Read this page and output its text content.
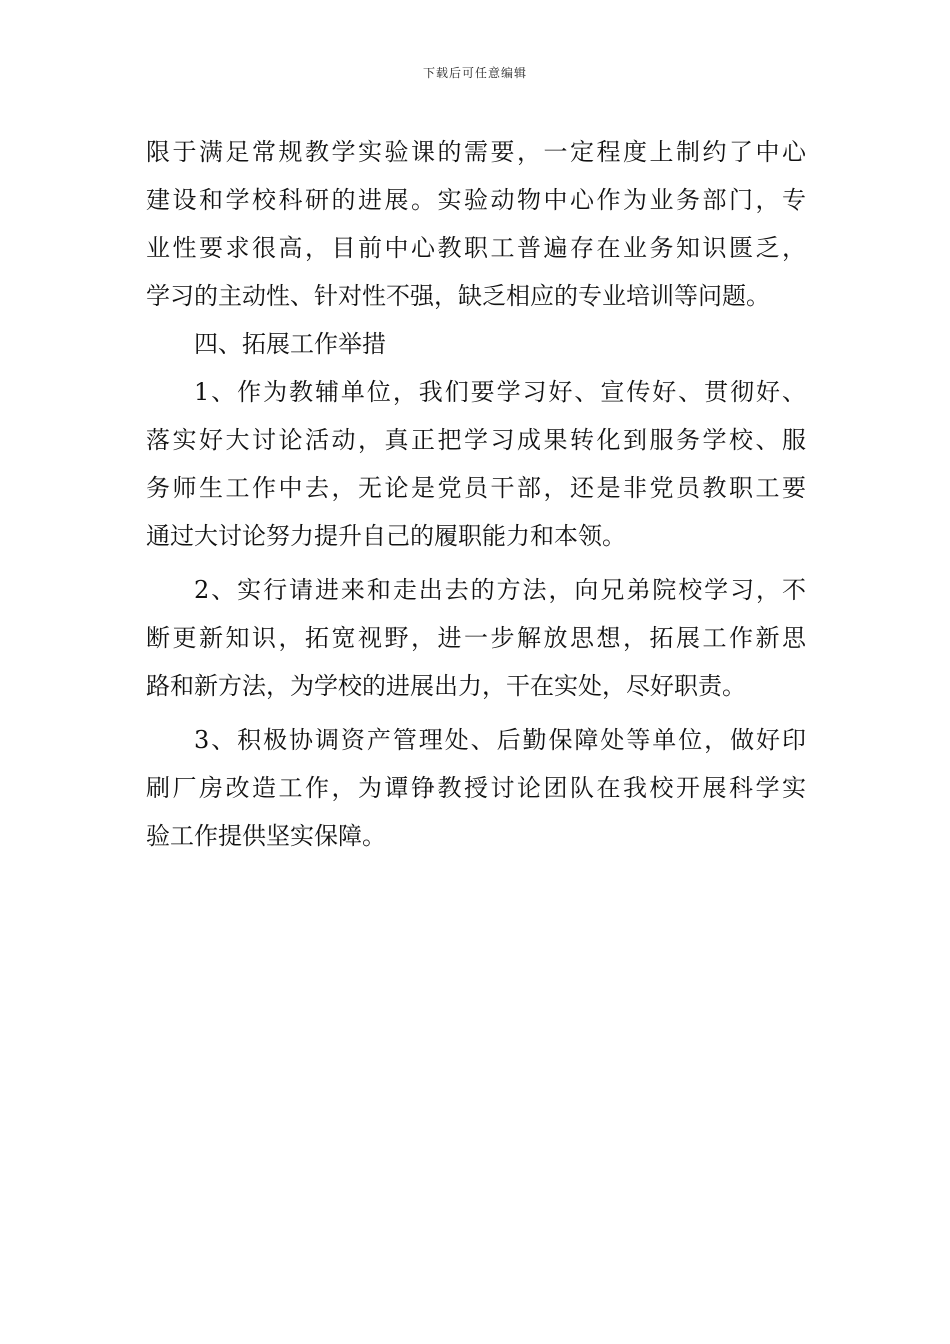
下载后可任意编辑
限于满足常规教学实验课的需要，一定程度上制约了中心
建设和学校科研的进展。实验动物中心作为业务部门，专
业性要求很高，目前中心教职工普遍存在业务知识匮乏，
学习的主动性、针对性不强，缺乏相应的专业培训等问题。
四、拓展工作举措
1、作为教辅单位，我们要学习好、宣传好、贯彻好、
落实好大讨论活动，真正把学习成果转化到服务学校、服
务师生工作中去，无论是党员干部，还是非党员教职工要
通过大讨论努力提升自己的履职能力和本领。
2、实行请进来和走出去的方法，向兄弟院校学习，不
断更新知识，拓宽视野，进一步解放思想，拓展工作新思
路和新方法，为学校的进展出力，干在实处，尽好职责。
3、积极协调资产管理处、后勤保障处等单位，做好印
刷厂房改造工作，为谭铮教授讨论团队在我校开展科学实
验工作提供坚实保障。
